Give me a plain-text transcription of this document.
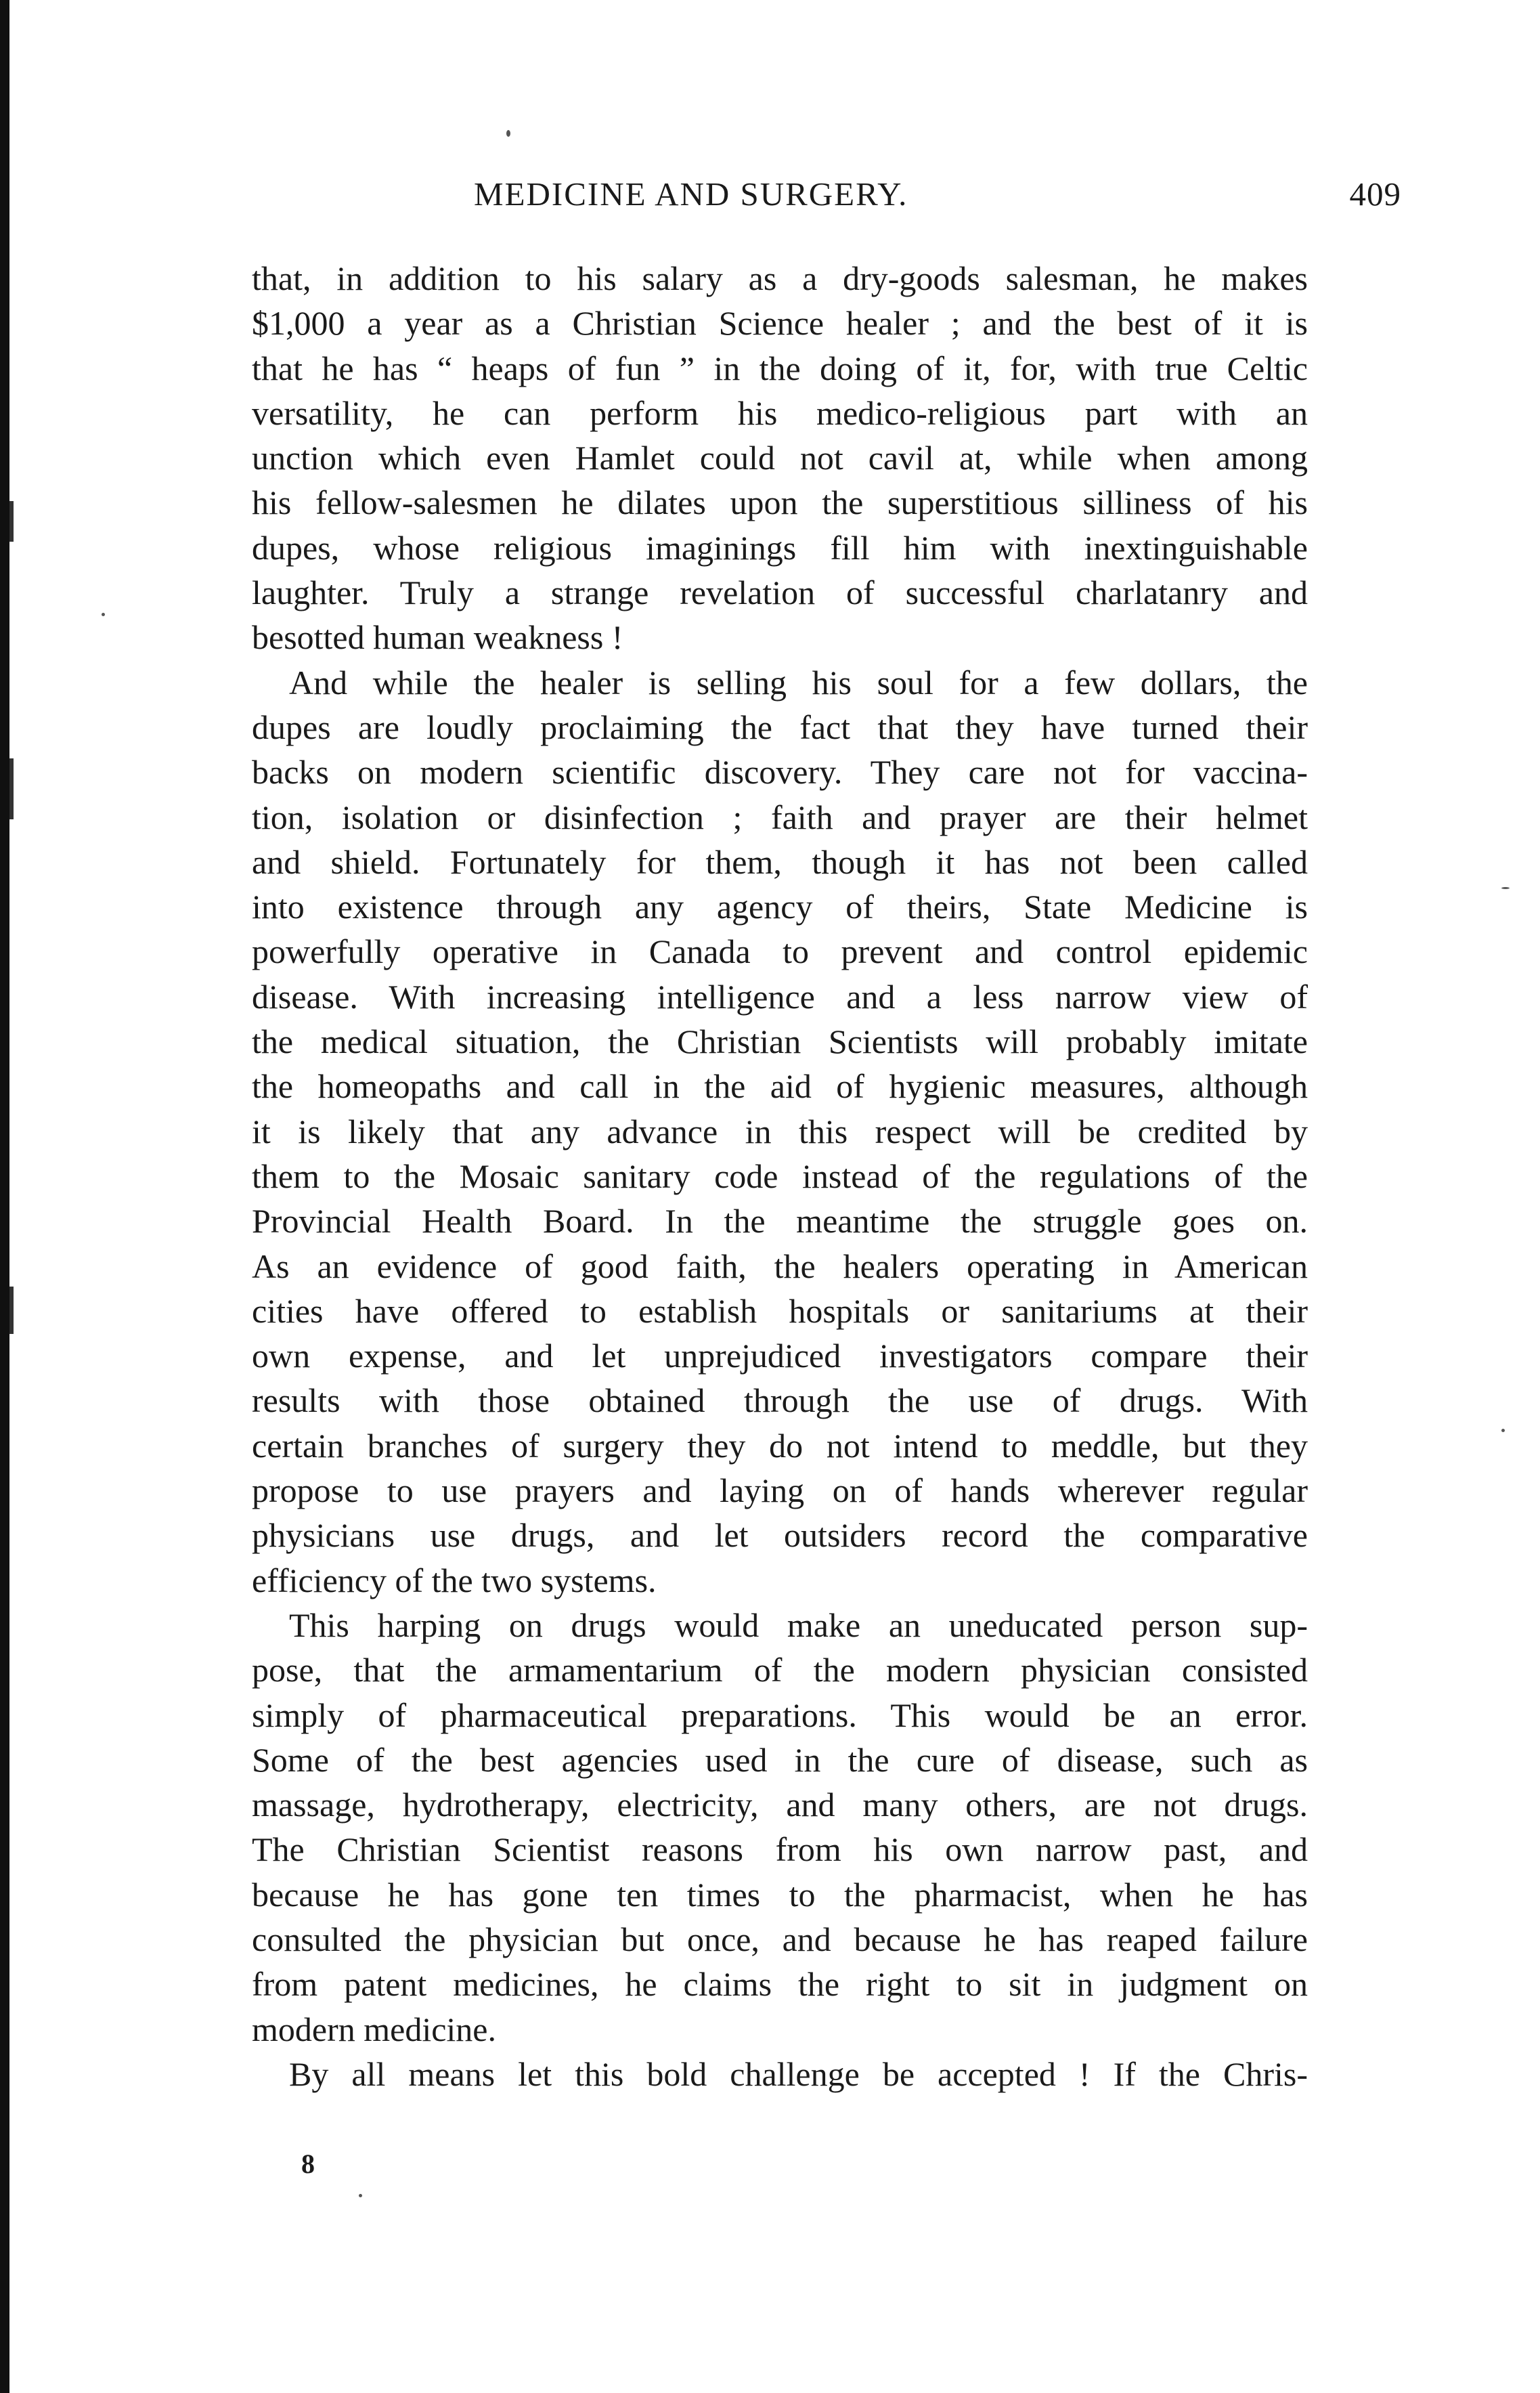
MEDICINE AND SURGERY.	409
that, in addition to his salary as a dry-goods salesman, he makes
$1,000 a year as a Christian Science healer ; and the best of it is
that he has “ heaps of fun ” in the doing of it, for, with true Celtic
versatility, he can perform his medico-religious part with an
unction which even Hamlet could not cavil at, while when among
his fellow-salesmen he dilates upon the superstitious silliness of his
dupes, whose religious imaginings fill him with inextinguishable
laughter. Truly a strange revelation of successful charlatanry and
besotted human weakness !
And while the healer is selling his soul for a few dollars, the
dupes are loudly proclaiming the fact that they have turned their
backs on modern scientific discovery. They care not for vaccina-
tion, isolation or disinfection ; faith and prayer are their helmet
and shield. Fortunately for them, though it has not been called
into existence through any agency of theirs, State Medicine is
powerfully operative in Canada to prevent and control epidemic
disease. With increasing intelligence and a less narrow view of
the medical situation, the Christian Scientists will probably imitate
the homeopaths and call in the aid of hygienic measures, although
it is likely that any advance in this respect will be credited by
them to the Mosaic sanitary code instead of the regulations of the
Provincial Health Board. In the meantime the struggle goes on.
As an evidence of good faith, the healers operating in American
cities have offered to establish hospitals or sanitariums at their
own expense, and let unprejudiced investigators compare their
results with those obtained through the use of drugs. With
certain branches of surgery they do not intend to meddle, but they
propose to use prayers and laying on of hands wherever regular
physicians use drugs, and let outsiders record the comparative
efficiency of the two systems.
This harping on drugs would make an uneducated person sup-
pose, that the armamentarium of the modern physician consisted
simply of pharmaceutical preparations. This would be an error.
Some of the best agencies used in the cure of disease, such as
massage, hydrotherapy, electricity, and many others, are not drugs.
The Christian Scientist reasons from his own narrow past, and
because he has gone ten times to the pharmacist, when he has
consulted the physician but once, and because he has reaped failure
from patent medicines, he claims the right to sit in judgment on
modern medicine.
By all means let this bold challenge be accepted ! If the Chris-
8
